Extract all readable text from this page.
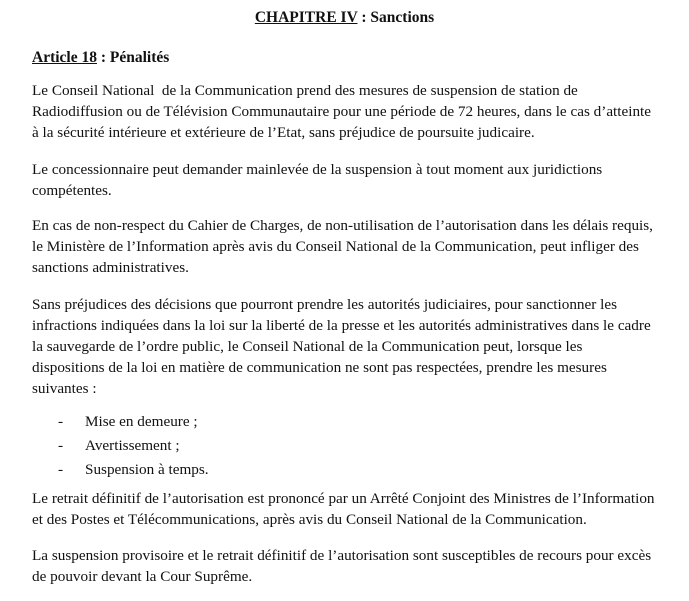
CHAPITRE IV : Sanctions
Article 18 : Pénalités

Le Conseil National  de la Communication prend des mesures de suspension de station de
Radiodiffusion ou de Télévision Communautaire pour une période de 72 heures, dans le cas d’atteinte
à la sécurité intérieure et extérieure de l’Etat, sans préjudice de poursuite judicaire.

Le concessionnaire peut demander mainlevée de la suspension à tout moment aux juridictions
compétentes.

En cas de non-respect du Cahier de Charges, de non-utilisation de l’autorisation dans les délais requis,
le Ministère de l’Information après avis du Conseil National de la Communication, peut infliger des
sanctions administratives.

Sans préjudices des décisions que pourront prendre les autorités judiciaires, pour sanctionner les
infractions indiquées dans la loi sur la liberté de la presse et les autorités administratives dans le cadre
la sauvegarde de l’ordre public, le Conseil National de la Communication peut, lorsque les
dispositions de la loi en matière de communication ne sont pas respectées, prendre les mesures
suivantes :

- Mise en demeure ;
- Avertissement ;
- Suspension à temps.

Le retrait définitif de l’autorisation est prononcé par un Arrêté Conjoint des Ministres de l’Information
et des Postes et Télécommunications, après avis du Conseil National de la Communication.

La suspension provisoire et le retrait définitif de l’autorisation sont susceptibles de recours pour excès
de pouvoir devant la Cour Suprême.
